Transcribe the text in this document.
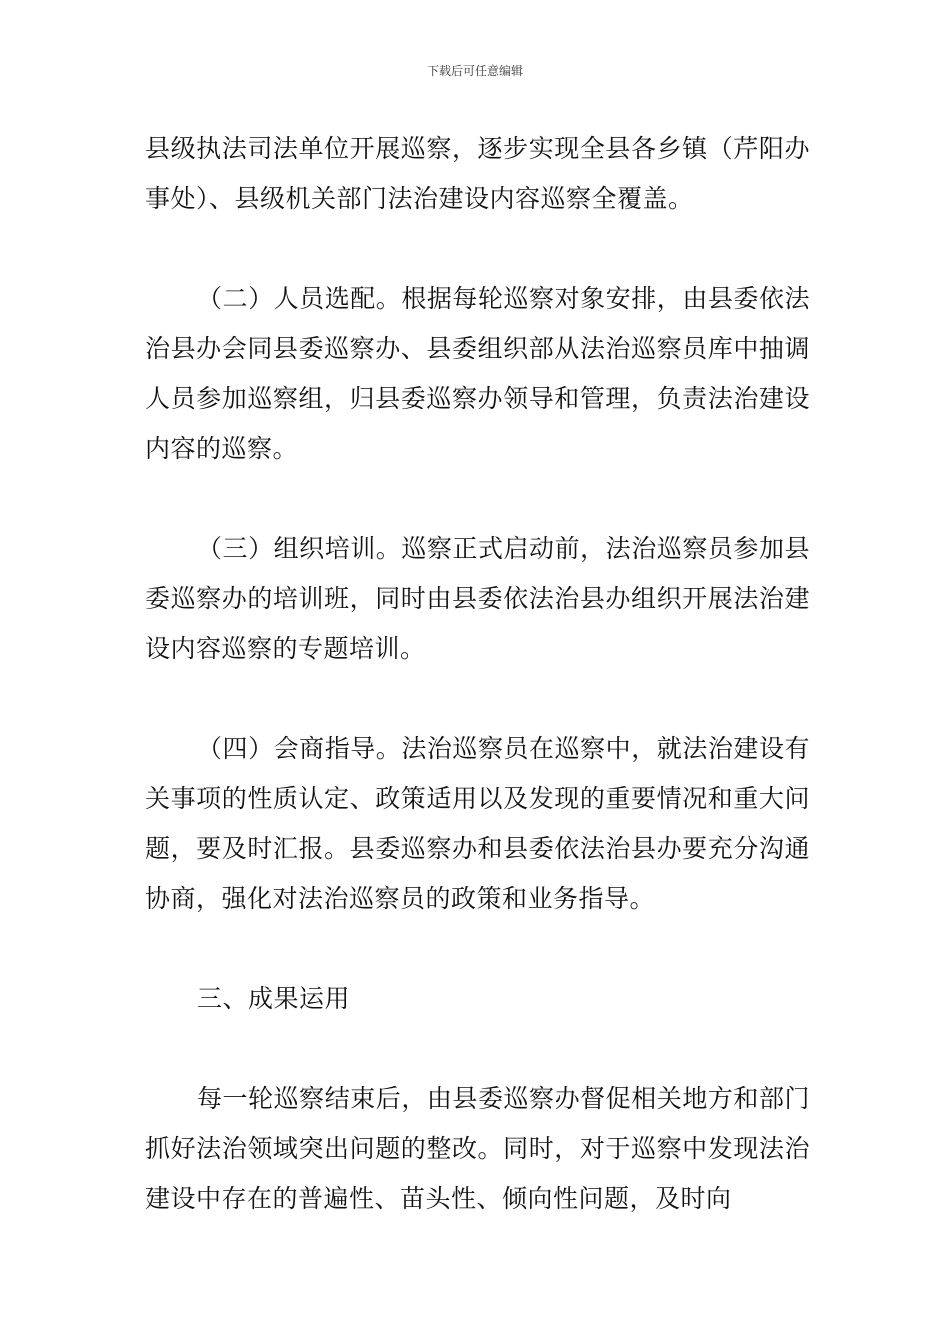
下载后可任意编辑

县级执法司法单位开展巡察，逐步实现全县各乡镇（芹阳办事处）、县级机关部门法治建设内容巡察全覆盖。

（二）人员选配。根据每轮巡察对象安排，由县委依法治县办会同县委巡察办、县委组织部从法治巡察员库中抽调人员参加巡察组，归县委巡察办领导和管理，负责法治建设内容的巡察。

（三）组织培训。巡察正式启动前，法治巡察员参加县委巡察办的培训班，同时由县委依法治县办组织开展法治建设内容巡察的专题培训。

（四）会商指导。法治巡察员在巡察中，就法治建设有关事项的性质认定、政策适用以及发现的重要情况和重大问题，要及时汇报。县委巡察办和县委依法治县办要充分沟通协商，强化对法治巡察员的政策和业务指导。

三、成果运用

每一轮巡察结束后，由县委巡察办督促相关地方和部门抓好法治领域突出问题的整改。同时，对于巡察中发现法治建设中存在的普遍性、苗头性、倾向性问题，及时向
